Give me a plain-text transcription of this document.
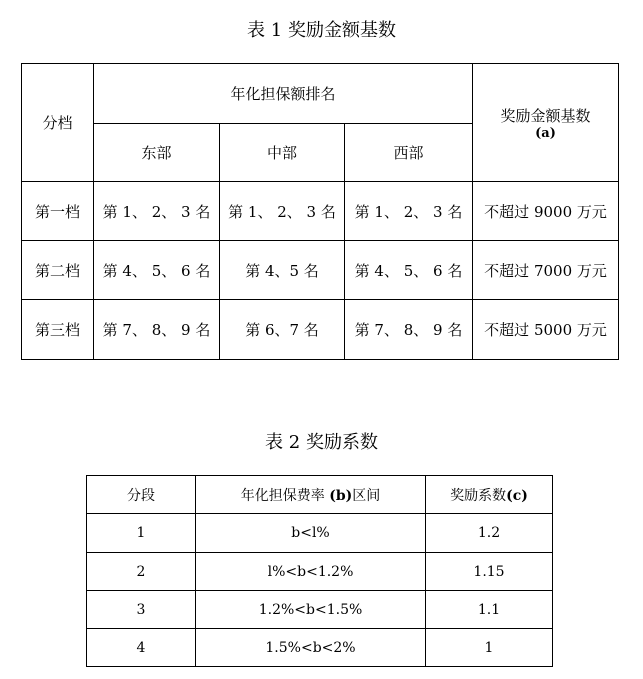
表 1 奖励金额基数
分档	年化担保额排名			奖励金额基数
(a)

	东部	中部	西部	
第一档	第 1、 2、 3 名	第 1、 2、 3 名	第 1、 2、 3 名	不超过 9000 万元
第二档	第 4、 5、 6 名	第 4、5 名	第 4、 5、 6 名	不超过 7000 万元
第三档	第 7、 8、 9 名	第 6、7 名	第 7、 8、 9 名	不超过 5000 万元
表 2 奖励系数
分段	年化担保费率 (b)区间	奖励系数(c)
1	b<l%	1.2
2	l%<b<1.2%	1.15
3	1.2%<b<1.5%	1.1
4	1.5%<b<2%	1
